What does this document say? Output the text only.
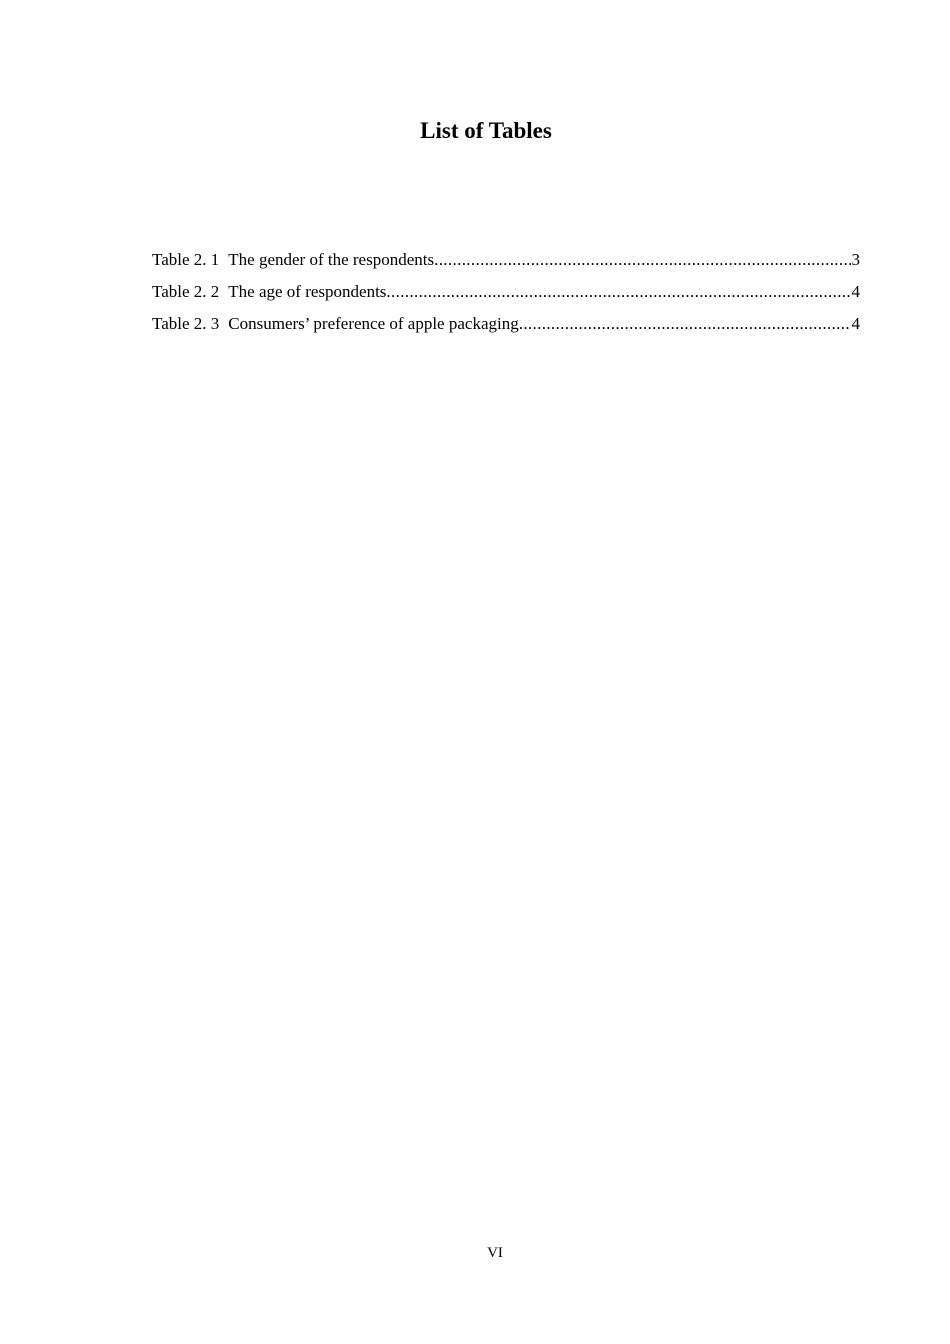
List of Tables
Table 2. 1 The gender of the respondents .....	3
Table 2. 2 The age of respondents .....	4
Table 2. 3 Consumers’ preference of apple packaging .....	4
VI
